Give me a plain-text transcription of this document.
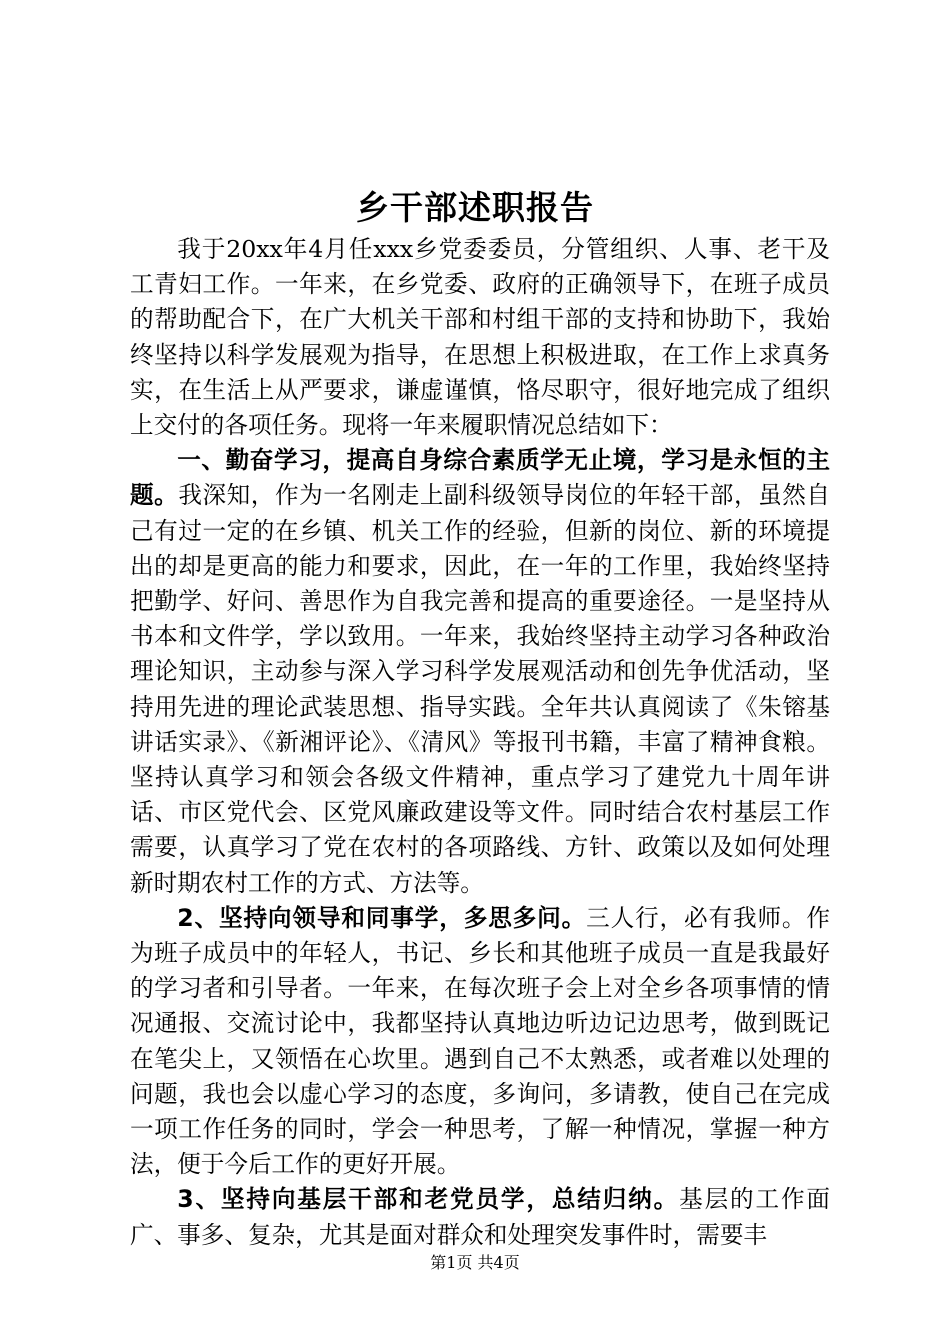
乡干部述职报告

我于20xx年4月任xxx乡党委委员，分管组织、人事、老干及工青妇工作。一年来，在乡党委、政府的正确领导下，在班子成员的帮助配合下，在广大机关干部和村组干部的支持和协助下，我始终坚持以科学发展观为指导，在思想上积极进取，在工作上求真务实，在生活上从严要求，谦虚谨慎，恪尽职守，很好地完成了组织上交付的各项任务。现将一年来履职情况总结如下：

一、勤奋学习，提高自身综合素质学无止境，学习是永恒的主题。我深知，作为一名刚走上副科级领导岗位的年轻干部，虽然自己有过一定的在乡镇、机关工作的经验，但新的岗位、新的环境提出的却是更高的能力和要求，因此，在一年的工作里，我始终坚持把勤学、好问、善思作为自我完善和提高的重要途径。一是坚持从书本和文件学，学以致用。一年来，我始终坚持主动学习各种政治理论知识，主动参与深入学习科学发展观活动和创先争优活动，坚持用先进的理论武装思想、指导实践。全年共认真阅读了《朱镕基讲话实录》、《新湘评论》、《清风》等报刊书籍，丰富了精神食粮。坚持认真学习和领会各级文件精神，重点学习了建党九十周年讲话、市区党代会、区党风廉政建设等文件。同时结合农村基层工作需要，认真学习了党在农村的各项路线、方针、政策以及如何处理新时期农村工作的方式、方法等。

2、坚持向领导和同事学，多思多问。三人行，必有我师。作为班子成员中的年轻人，书记、乡长和其他班子成员一直是我最好的学习者和引导者。一年来，在每次班子会上对全乡各项事情的情况通报、交流讨论中，我都坚持认真地边听边记边思考，做到既记在笔尖上，又领悟在心坎里。遇到自己不太熟悉，或者难以处理的问题，我也会以虚心学习的态度，多询问，多请教，使自己在完成一项工作任务的同时，学会一种思考，了解一种情况，掌握一种方法，便于今后工作的更好开展。

3、坚持向基层干部和老党员学，总结归纳。基层的工作面广、事多、复杂，尤其是面对群众和处理突发事件时，需要丰

第1页 共4页
